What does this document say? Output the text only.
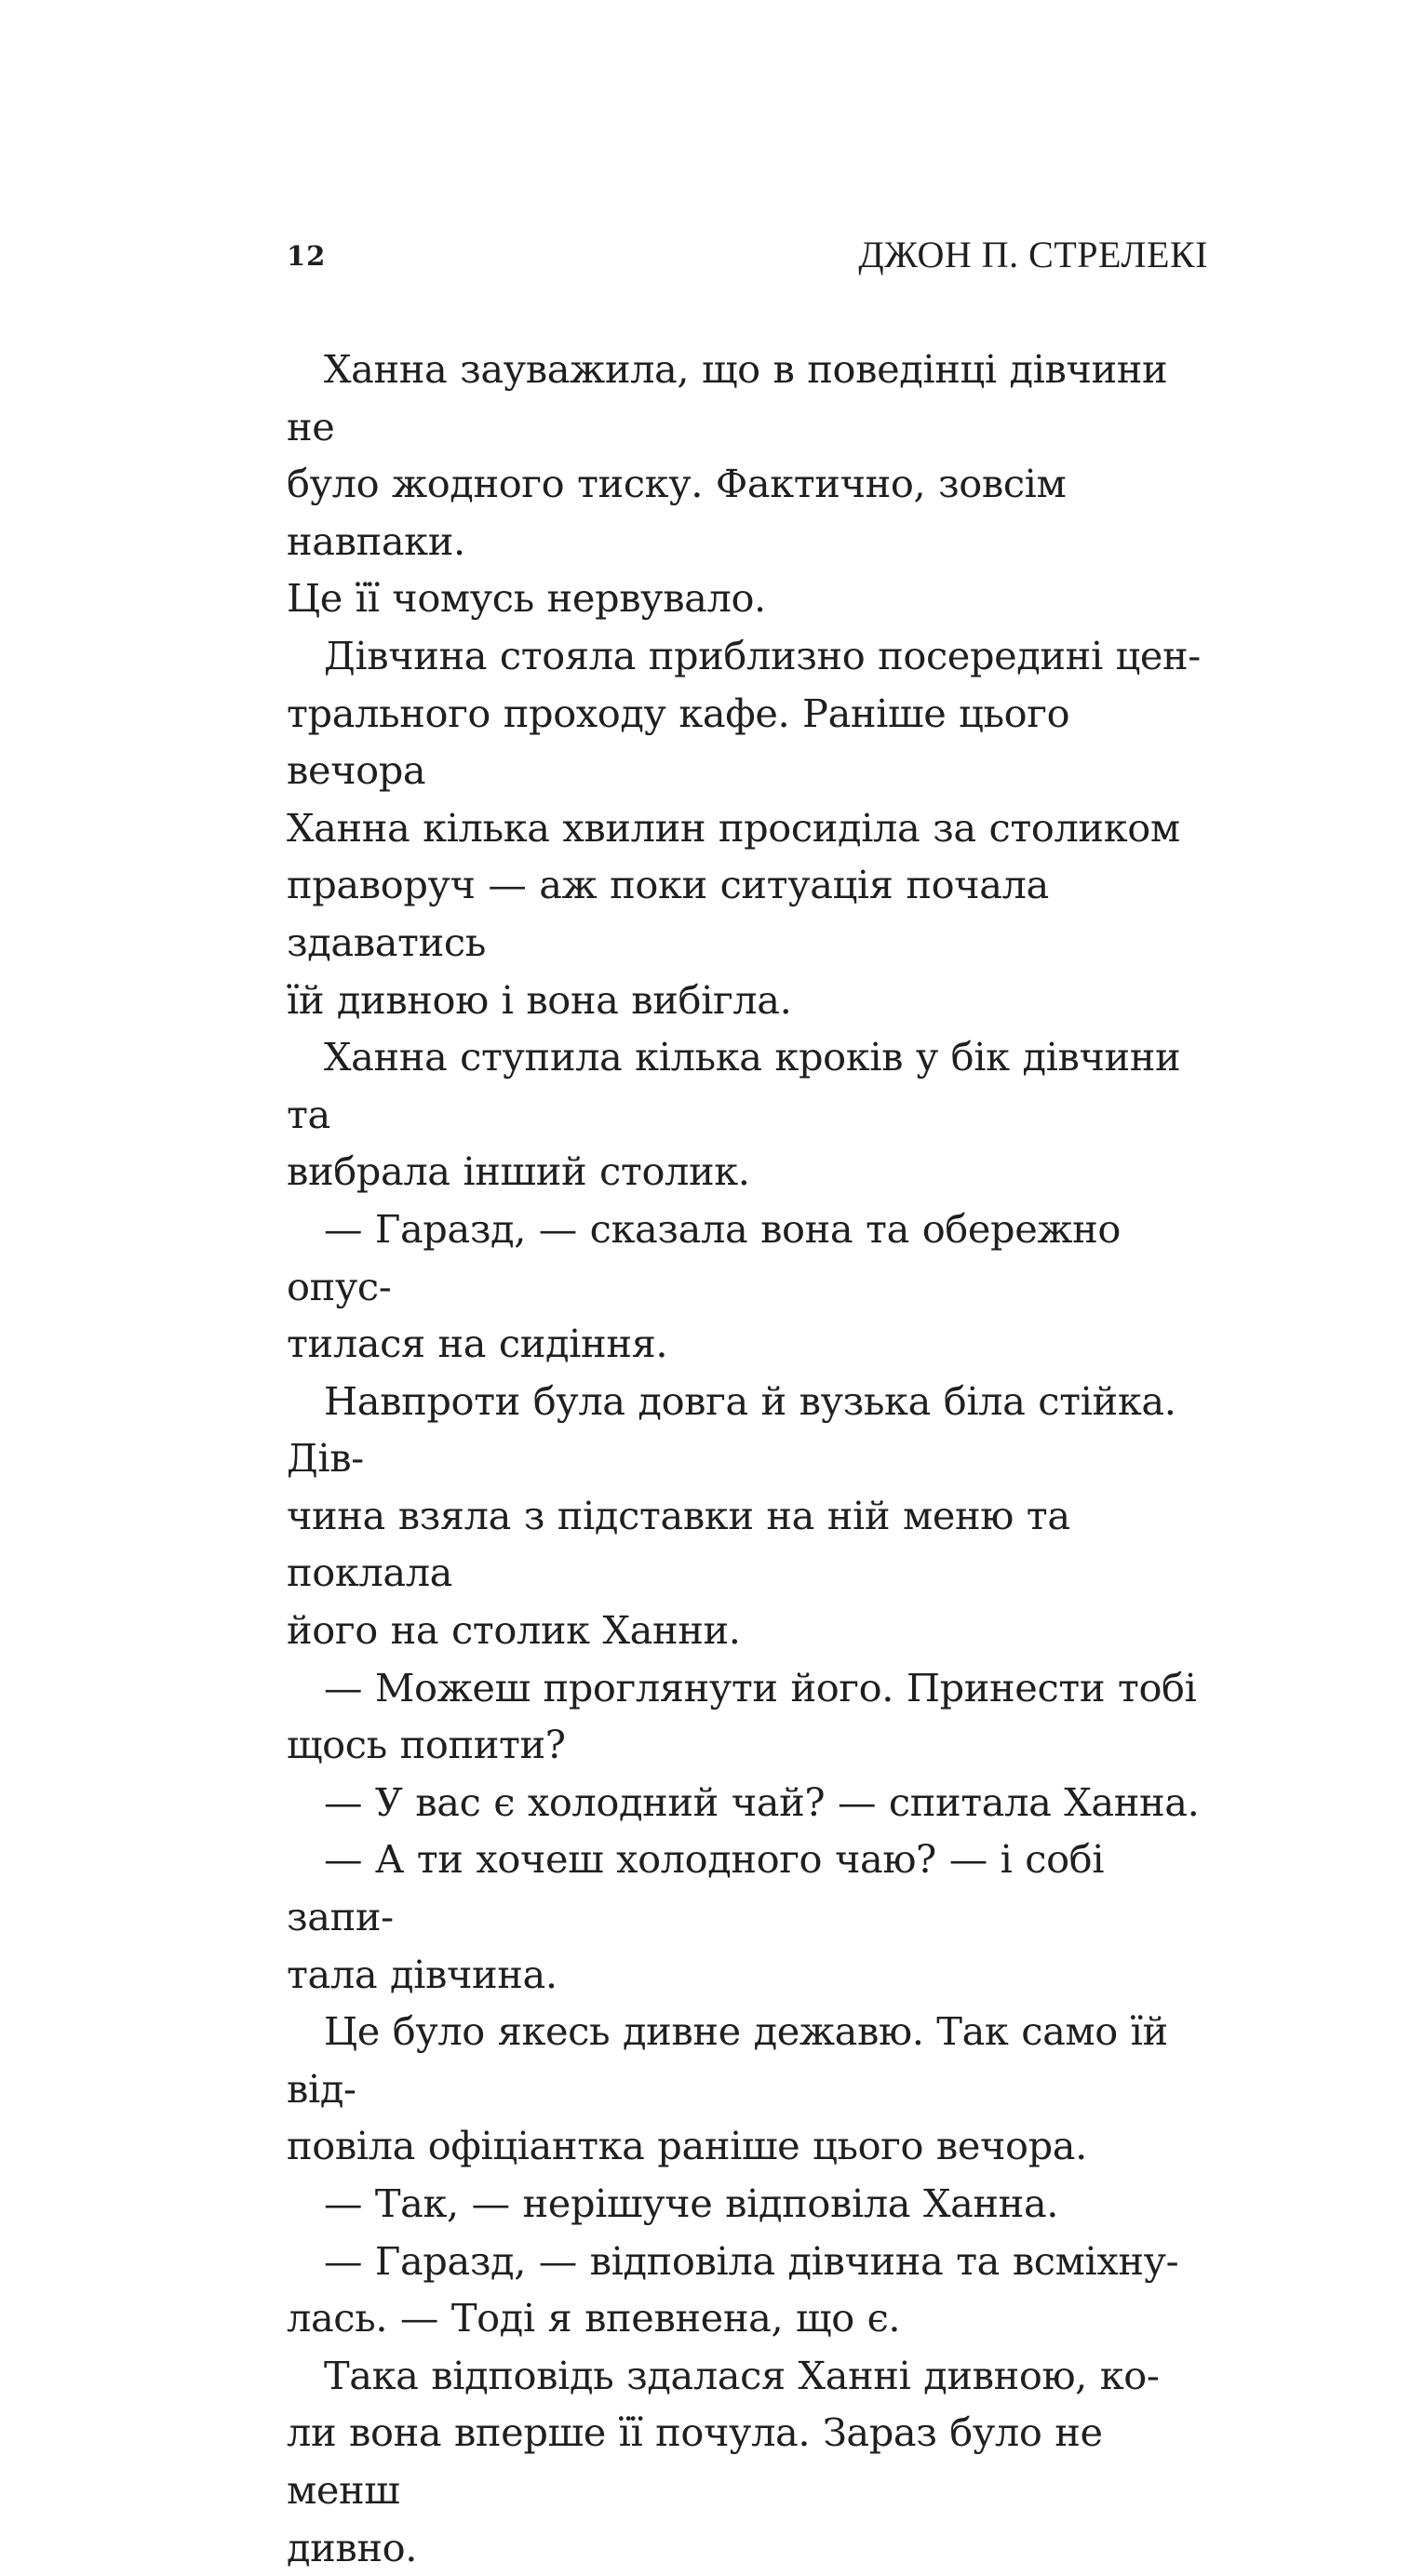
12	ДЖОН П. СТРЕЛЕКІ

Ханна зауважила, що в поведінці дівчини не
було жодного тиску. Фактично, зовсім навпаки.
Це її чомусь нервувало.

Дівчина стояла приблизно посередині цен-
трального проходу кафе. Раніше цього вечора
Ханна кілька хвилин просиділа за столиком
праворуч — аж поки ситуація почала здаватись
їй дивною і вона вибігла.

Ханна ступила кілька кроків у бік дівчини та
вибрала інший столик.

— Гаразд, — сказала вона та обережно опус-
тилася на сидіння.

Навпроти була довга й вузька біла стійка. Дів-
чина взяла з підставки на ній меню та поклала
його на столик Ханни.

— Можеш проглянути його. Принести тобі
щось попити?

— У вас є холодний чай? — спитала Ханна.

— А ти хочеш холодного чаю? — і собі запи-
тала дівчина.

Це було якесь дивне дежавю. Так само їй від-
повіла офіціантка раніше цього вечора.

— Так, — нерішуче відповіла Ханна.

— Гаразд, — відповіла дівчина та всміхну-
лась. — Тоді я впевнена, що є.

Така відповідь здалася Ханні дивною, ко-
ли вона вперше її почула. Зараз було не менш
дивно.
